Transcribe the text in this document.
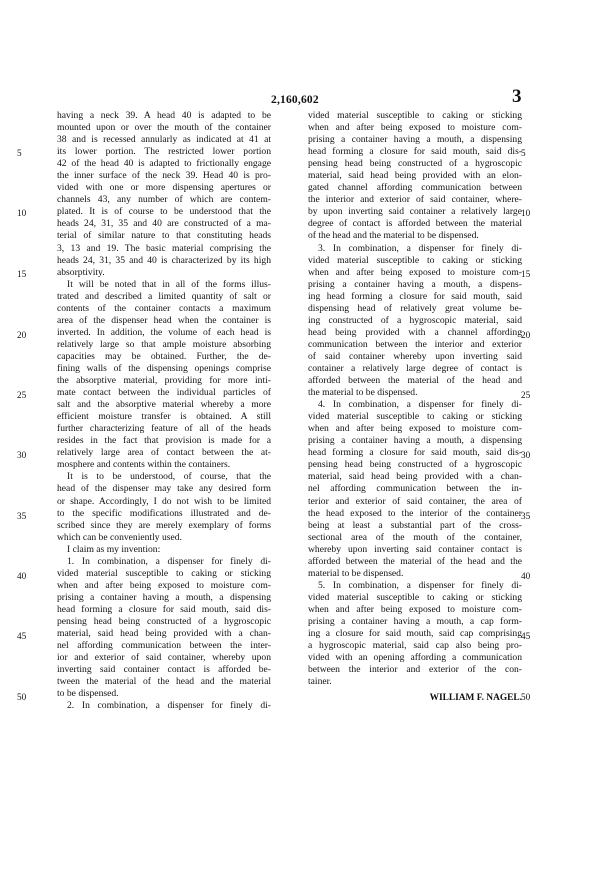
2,160,602	3

having a neck 39. A head 40 is adapted to be

mounted upon or over the mouth of the container

38 and is recessed annularly as indicated at 41 at

its lower portion. The restricted lower portion

42 of the head 40 is adapted to frictionally engage

the inner surface of the neck 39. Head 40 is pro-

vided with one or more dispensing apertures or

channels 43, any number of which are contem-

plated. It is of course to be understood that the

heads 24, 31, 35 and 40 are constructed of a ma-

terial of similar nature to that constituting heads

3, 13 and 19. The basic material comprising the

heads 24, 31, 35 and 40 is characterized by its high

absorptivity.

It will be noted that in all of the forms illus-

trated and described a limited quantity of salt or

contents of the container contacts a maximum

area of the dispenser head when the container is

inverted. In addition, the volume of each head is

relatively large so that ample moisture absorbing

capacities may be obtained. Further, the de-

fining walls of the dispensing openings comprise

the absorptive material, providing for more inti-

mate contact between the individual particles of

salt and the absorptive material whereby a more

efficient moisture transfer is obtained. A still

further characterizing feature of all of the heads

resides in the fact that provision is made for a

relatively large area of contact between the at-

mosphere and contents within the containers.

It is to be understood, of course, that the

head of the dispenser may take any desired form

or shape. Accordingly, I do not wish to be limited

to the specific modifications illustrated and de-

scribed since they are merely exemplary of forms

which can be conveniently used.

I claim as my invention:

1. In combination, a dispenser for finely di-

vided material susceptible to caking or sticking

when and after being exposed to moisture com-

prising a container having a mouth, a dispensing

head forming a closure for said mouth, said dis-

pensing head being constructed of a hygroscopic

material, said head being provided with a chan-

nel affording communication between the inter-

ior and exterior of said container, whereby upon

inverting said container contact is afforded be-

tween the material of the head and the material

to be dispensed.

2. In combination, a dispenser for finely di-

vided material susceptible to caking or sticking

when and after being exposed to moisture com-

prising a container having a mouth, a dispensing

head forming a closure for said mouth, said dis-

pensing head being constructed of a hygroscopic

material, said head being provided with an elon-

gated channel affording communication between

the interior and exterior of said container, where-

by upon inverting said container a relatively large

degree of contact is afforded between the material

of the head and the material to be dispensed.

3. In combination, a dispenser for finely di-

vided material susceptible to caking or sticking

when and after being exposed to moisture com-

prising a container having a mouth, a dispens-

ing head forming a closure for said mouth, said

dispensing head of relatively great volume be-

ing constructed of a hygroscopic material, said

head being provided with a channel affording

communication between the interior and exterior

of said container whereby upon inverting said

container a relatively large degree of contact is

afforded between the material of the head and

the material to be dispensed.

4. In combination, a dispenser for finely di-

vided material susceptible to caking or sticking

when and after being exposed to moisture com-

prising a container having a mouth, a dispensing

head forming a closure for said mouth, said dis-

pensing head being constructed of a hygroscopic

material, said head being provided with a chan-

nel affording communication between the in-

terior and exterior of said container, the area of

the head exposed to the interior of the container

being at least a substantial part of the cross-

sectional area of the mouth of the container,

whereby upon inverting said container contact is

afforded between the material of the head and the

material to be dispensed.

5. In combination, a dispenser for finely di-

vided material susceptible to caking or sticking

when and after being exposed to moisture com-

prising a container having a mouth, a cap form-

ing a closure for said mouth, said cap comprising

a hygroscopic material, said cap also being pro-

vided with an opening affording a communication

between the interior and exterior of the con-

tainer.

WILLIAM F. NAGEL.

5
10
15
20
25
30
35
40
45
50
5
10
15
20
25
30
35
40
45
50
